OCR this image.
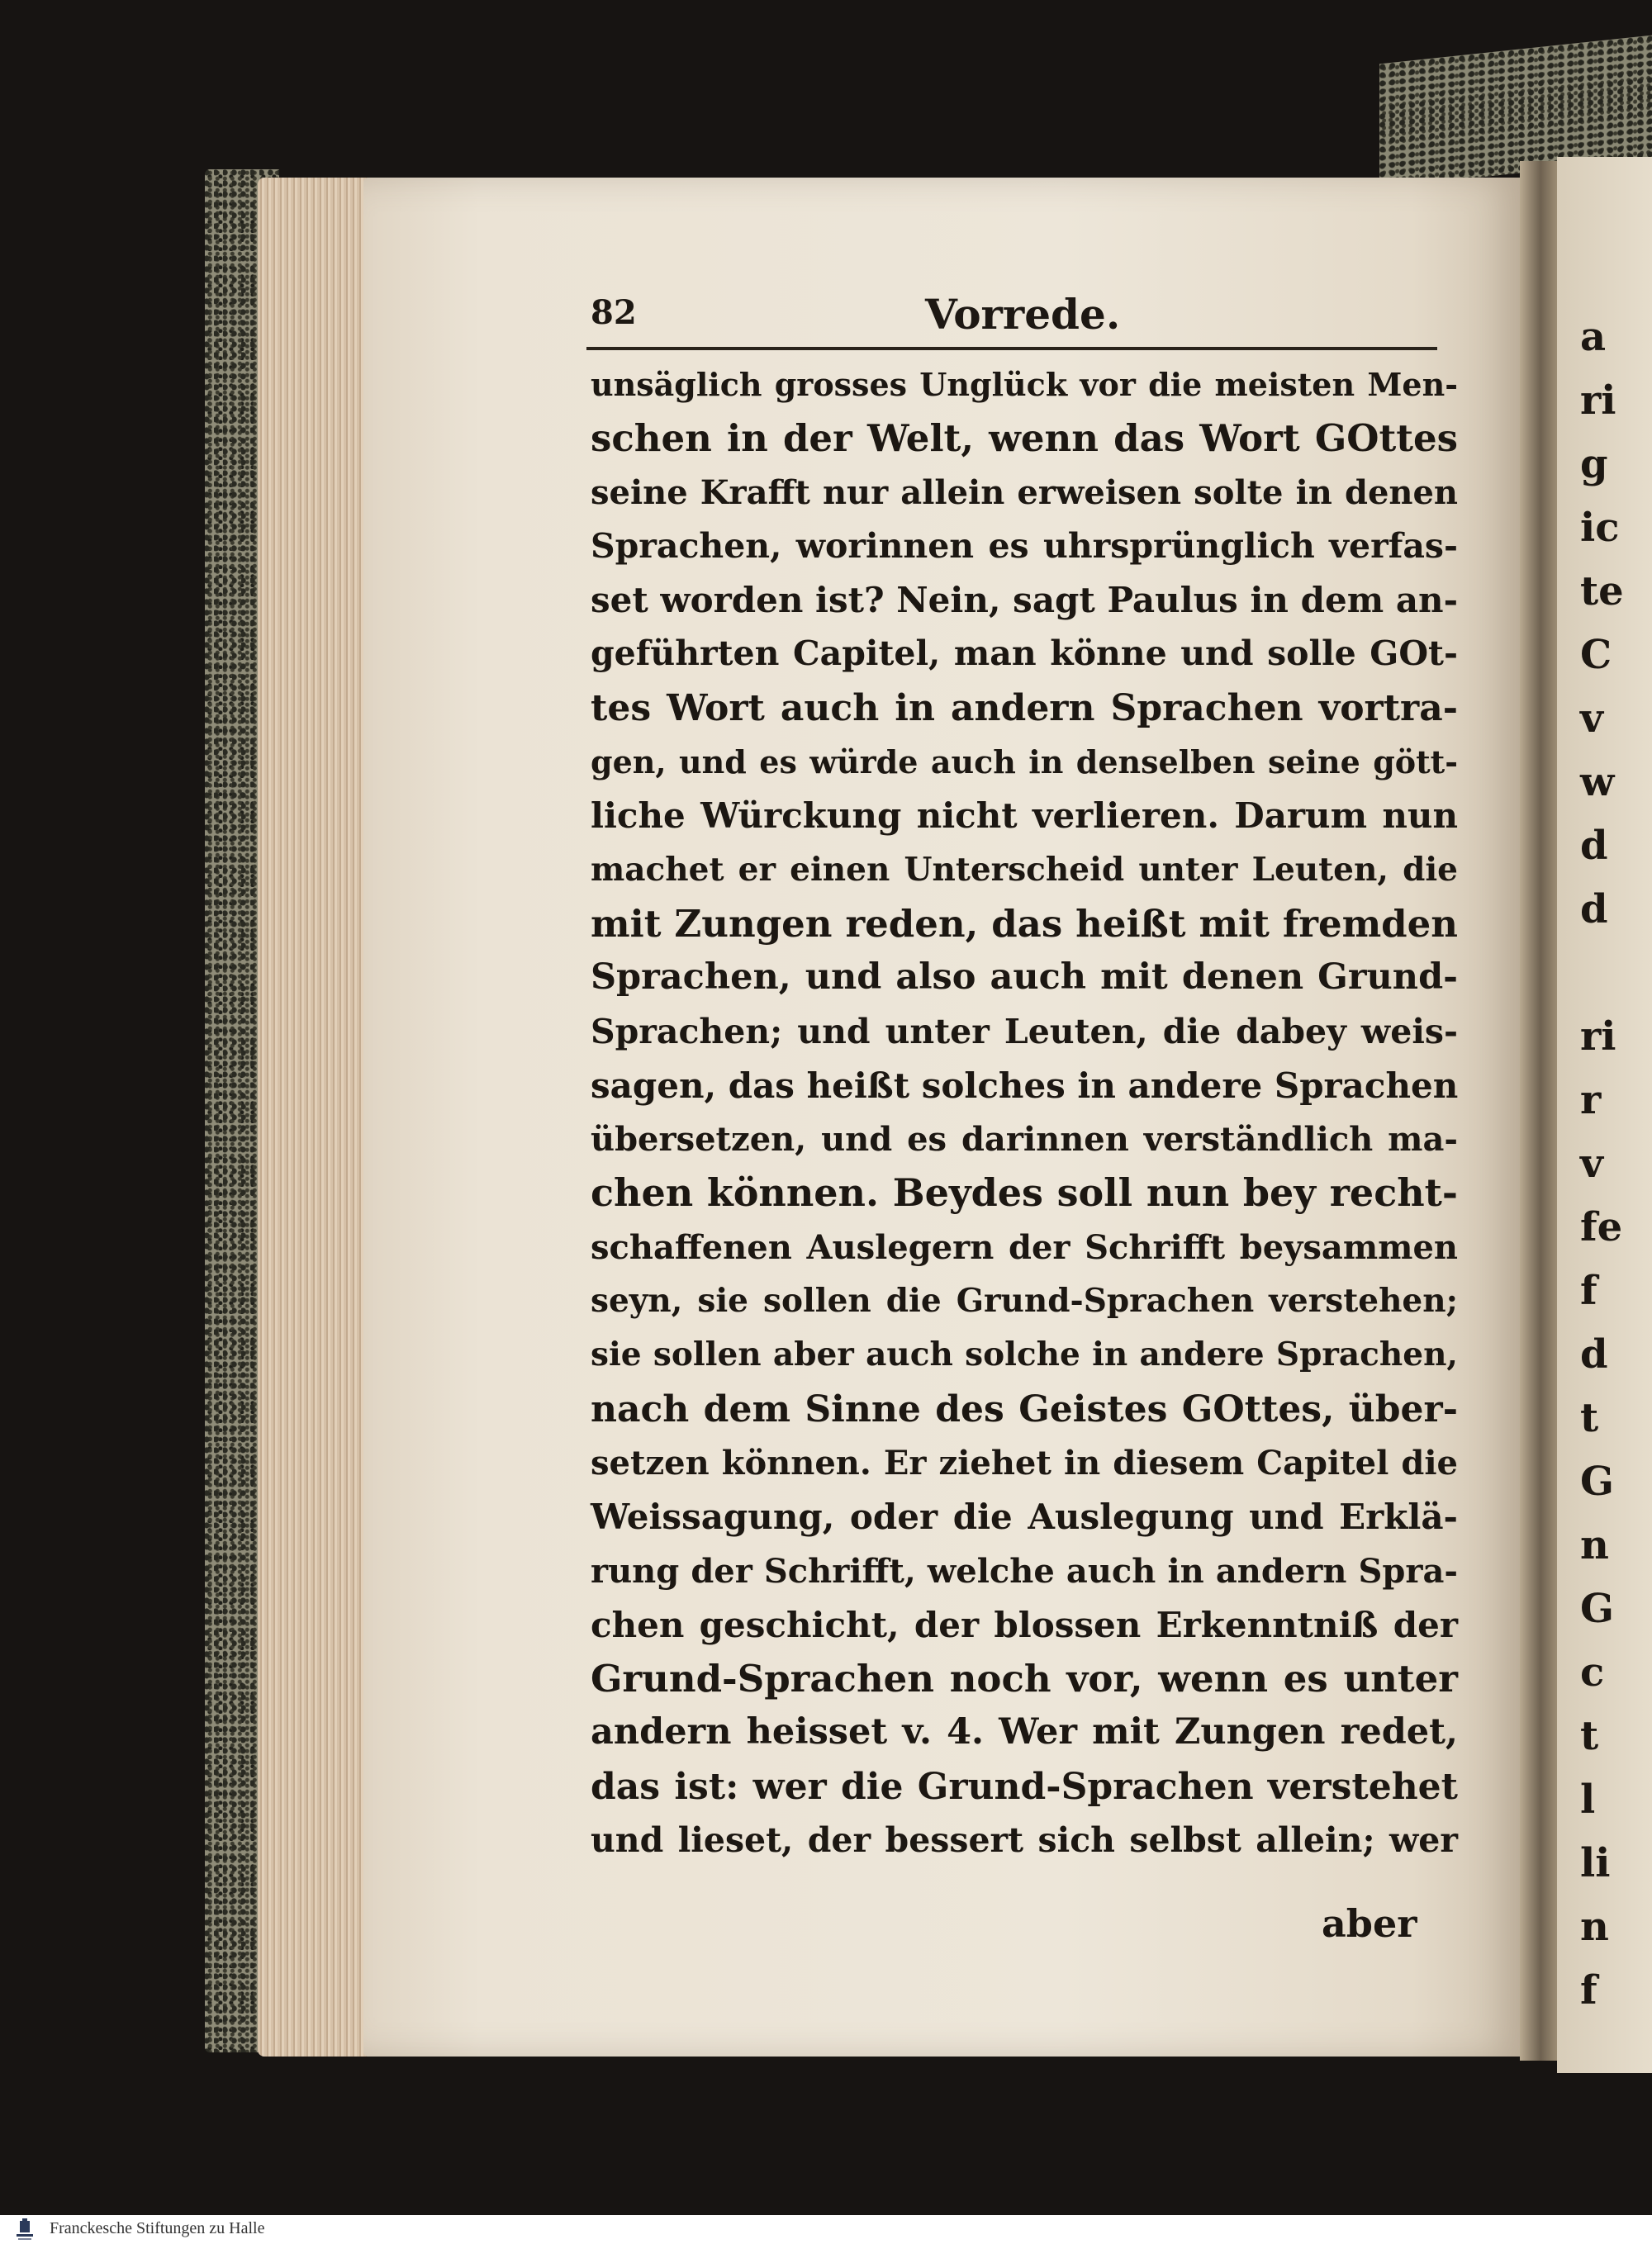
a
ri
g
ic
te
C
v
w
d
d
ri
r
v
fe
f
d
t
G
n
G
c
t
l
li
n
f
82	Vorrede.
unsäglich grosses Unglück vor die meisten Men-
schen in der Welt, wenn das Wort GOttes
seine Krafft nur allein erweisen solte in denen
Sprachen, worinnen es uhrsprünglich verfas-
set worden ist? Nein, sagt Paulus in dem an-
geführten Capitel, man könne und solle GOt-
tes Wort auch in andern Sprachen vortra-
gen, und es würde auch in denselben seine gött-
liche Würckung nicht verlieren. Darum nun
machet er einen Unterscheid unter Leuten, die
mit Zungen reden, das heißt mit fremden
Sprachen, und also auch mit denen Grund-
Sprachen; und unter Leuten, die dabey weis-
sagen, das heißt solches in andere Sprachen
übersetzen, und es darinnen verständlich ma-
chen können. Beydes soll nun bey recht-
schaffenen Auslegern der Schrifft beysammen
seyn, sie sollen die Grund-Sprachen verstehen;
sie sollen aber auch solche in andere Sprachen,
nach dem Sinne des Geistes GOttes, über-
setzen können. Er ziehet in diesem Capitel die
Weissagung, oder die Auslegung und Erklä-
rung der Schrifft, welche auch in andern Spra-
chen geschicht, der blossen Erkenntniß der
Grund-Sprachen noch vor, wenn es unter
andern heisset v. 4. Wer mit Zungen redet,
das ist: wer die Grund-Sprachen verstehet
und lieset, der bessert sich selbst allein; wer
aber
Franckesche Stiftungen zu Halle
